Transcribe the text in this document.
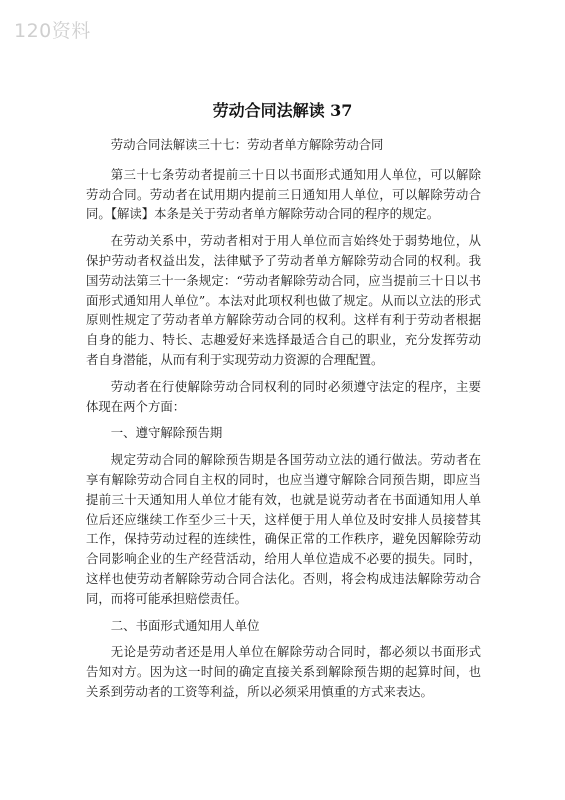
120资料
劳动合同法解读 37

劳动合同法解读三十七：劳动者单方解除劳动合同

第三十七条劳动者提前三十日以书面形式通知用人单位，可以解除劳动合同。劳动者在试用期内提前三日通知用人单位，可以解除劳动合同。【解读】本条是关于劳动者单方解除劳动合同的程序的规定。

在劳动关系中，劳动者相对于用人单位而言始终处于弱势地位，从保护劳动者权益出发，法律赋予了劳动者单方解除劳动合同的权利。我国劳动法第三十一条规定：“劳动者解除劳动合同，应当提前三十日以书面形式通知用人单位”。本法对此项权利也做了规定。从而以立法的形式原则性规定了劳动者单方解除劳动合同的权利。这样有利于劳动者根据自身的能力、特长、志趣爱好来选择最适合自己的职业，充分发挥劳动者自身潜能，从而有利于实现劳动力资源的合理配置。

劳动者在行使解除劳动合同权利的同时必须遵守法定的程序，主要体现在两个方面：

一、遵守解除预告期

规定劳动合同的解除预告期是各国劳动立法的通行做法。劳动者在享有解除劳动合同自主权的同时，也应当遵守解除合同预告期，即应当提前三十天通知用人单位才能有效，也就是说劳动者在书面通知用人单位后还应继续工作至少三十天，这样便于用人单位及时安排人员接替其工作，保持劳动过程的连续性，确保正常的工作秩序，避免因解除劳动合同影响企业的生产经营活动，给用人单位造成不必要的损失。同时，这样也使劳动者解除劳动合同合法化。否则，将会构成违法解除劳动合同，而将可能承担赔偿责任。

二、书面形式通知用人单位

无论是劳动者还是用人单位在解除劳动合同时，都必须以书面形式告知对方。因为这一时间的确定直接关系到解除预告期的起算时间，也关系到劳动者的工资等利益，所以必须采用慎重的方式来表达。
